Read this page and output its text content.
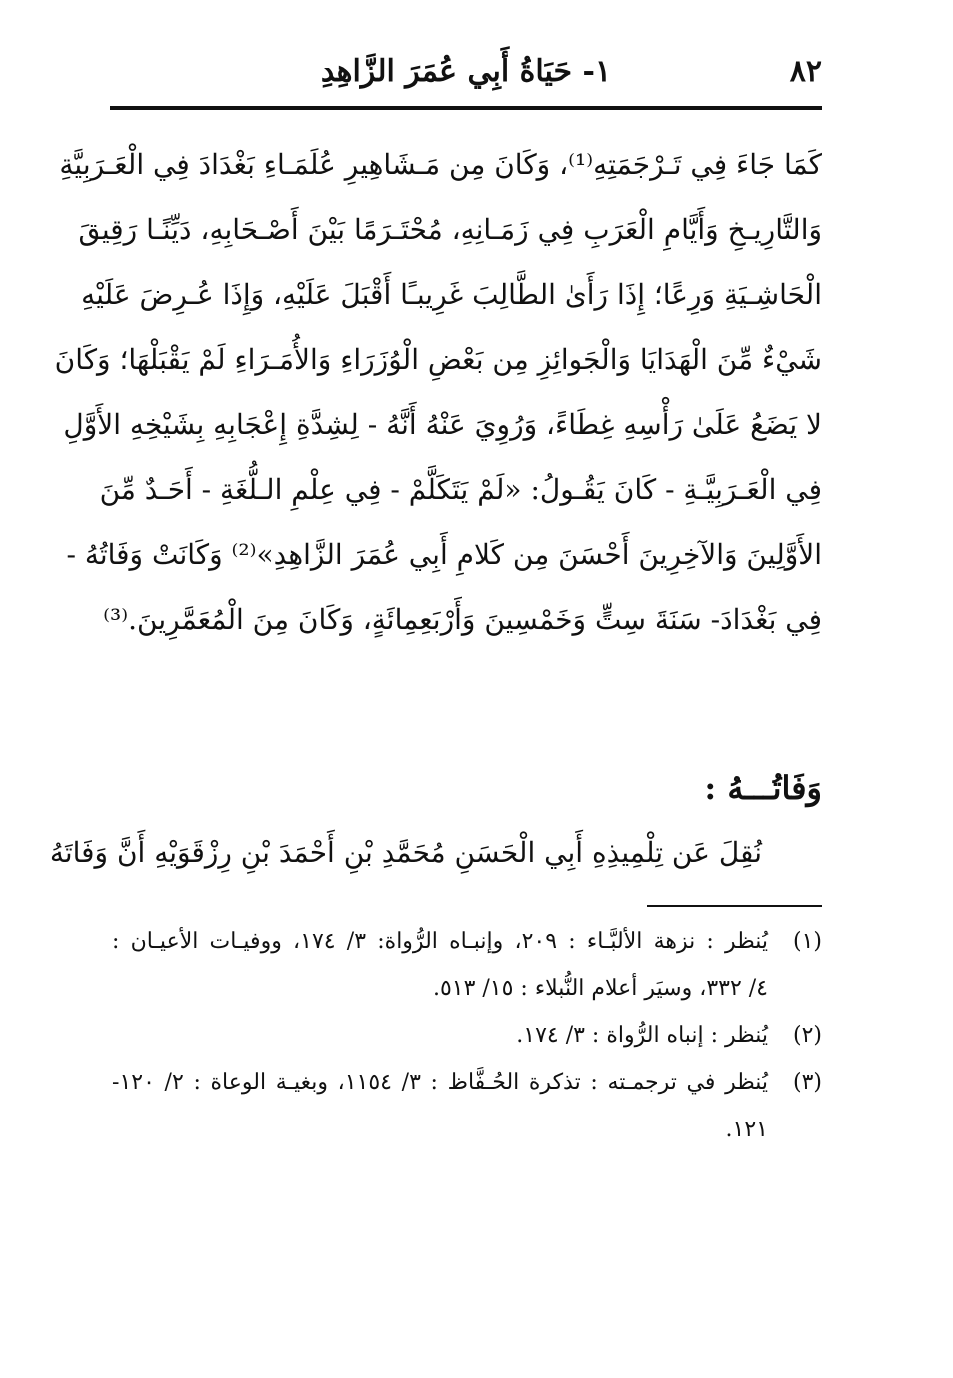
٨٢
١- حَيَاةُ أَبِي عُمَرَ الزَّاهِدِ
كَمَا جَاءَ فِي تَـرْجَمَتِهِ⁽¹⁾، وَكَانَ مِن مَـشَاهِيرِ عُلَمَـاءِ بَغْدَادَ فِي الْعَـرَبِيَّةِ
وَالتَّارِيـخِ وَأَيَّامِ الْعَرَبِ فِي زَمَـانِهِ، مُحْتَـرَمًا بَيْنَ أَصْـحَابِهِ، دَيِّنًـا رَقِيقَ
الْحَاشِـيَةِ وَرِعًا؛ إِذَا رَأَىٰ الطَّالِبَ غَرِيبـًا أَقْبَلَ عَلَيْهِ، وَإِذَا عُـرِضَ عَلَيْهِ
شَيْءٌ مِّنَ الْهَدَايَا وَالْجَوائِزِ مِن بَعْضِ الْوُزَرَاءِ وَالأُمَـرَاءِ لَمْ يَقْبَلْهَا؛ وَكَانَ
لا يَضَعُ عَلَىٰ رَأْسِهِ غِطَاءً، وَرُوِيَ عَنْهُ أَنَّهُ - لِشِدَّةِ إِعْجَابِهِ بِشَيْخِهِ الأَوَّلِ
فِي الْعَـرَبِيَّـةِ - كَانَ يَقُـولُ: «لَمْ يَتَكَلَّمْ - فِي عِلْمِ الـلُّغَةِ - أَحَـدٌ مِّنَ
الأَوَّلِينَ وَالآخِرِينَ أَحْسَنَ مِن كَلامِ أَبِي عُمَرَ الزَّاهِدِ»⁽²⁾ وَكَانَتْ وَفَاتُهُ -
فِي بَغْدَادَ- سَنَةَ سِتٍّ وَخَمْسِينَ وَأَرْبَعِمِائَةٍ، وَكَانَ مِنَ الْمُعَمَّرِينَ.⁽³⁾
وَفَاتُـــهُ :
نُقِلَ عَن تِلْمِيذِهِ أَبِي الْحَسَنِ مُحَمَّدِ بْنِ أَحْمَدَ بْنِ رِزْقَوَيْهِ أَنَّ وَفَاتَهُ
(١)يُنظر : نزهة الألبَّـاء : ٢٠٩، وإنبـاه الرُّواة: ٣/ ١٧٤، ووفيـات الأعيـان :
٤/ ٣٣٢، وسيَر أعلام النُّبلاء : ١٥/ ٥١٣.
(٢)يُنظر : إنباه الرُّواة : ٣/ ١٧٤.
(٣)يُنظر في ترجمـته : تذكرة الحُـفَّاظ : ٣/ ١١٥٤، وبغيـة الوعاة : ٢/ ١٢٠-
١٢١.
